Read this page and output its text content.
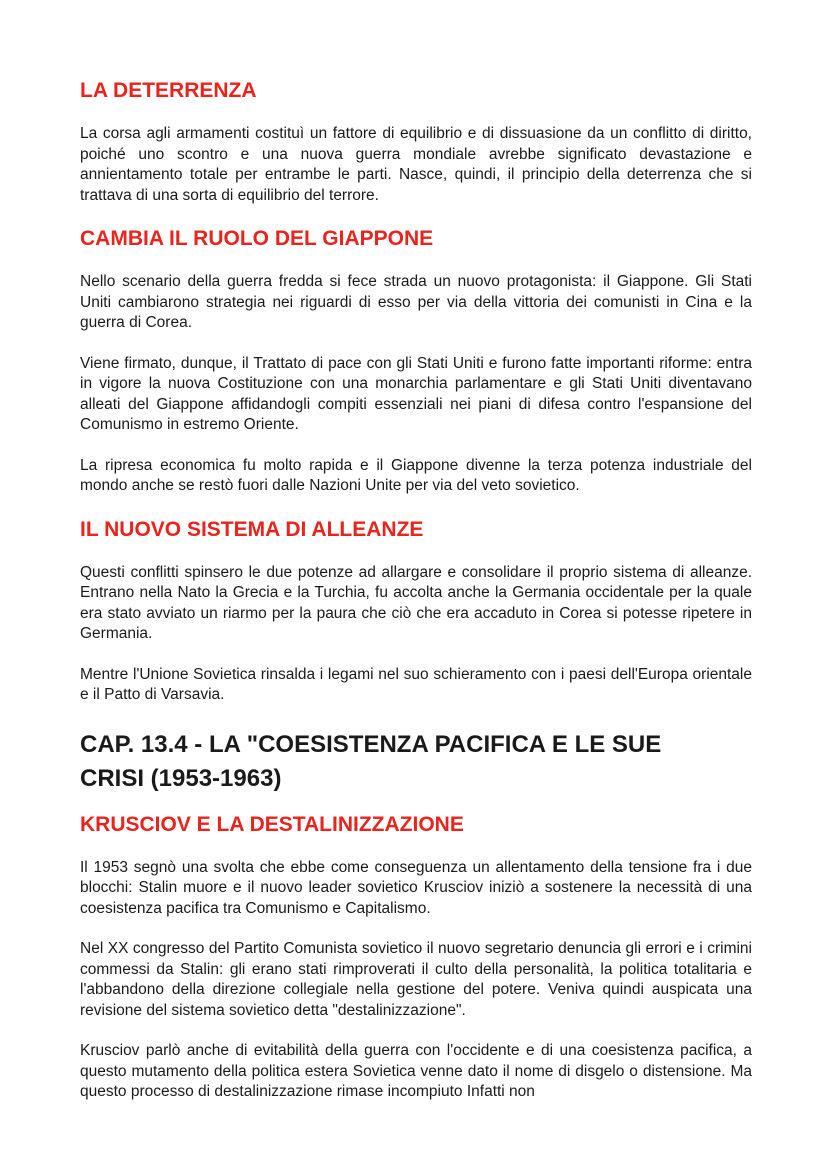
LA DETERRENZA

La corsa agli armamenti costituì un fattore di equilibrio e di dissuasione da un conflitto di diritto, poiché uno scontro e una nuova guerra mondiale avrebbe significato devastazione e annientamento totale per entrambe le parti. Nasce, quindi, il principio della deterrenza che si trattava di una sorta di equilibrio del terrore.

CAMBIA IL RUOLO DEL GIAPPONE

Nello scenario della guerra fredda si fece strada un nuovo protagonista: il Giappone. Gli Stati Uniti cambiarono strategia nei riguardi di esso per via della vittoria dei comunisti in Cina e la guerra di Corea.

Viene firmato, dunque, il Trattato di pace con gli Stati Uniti e furono fatte importanti riforme: entra in vigore la nuova Costituzione con una monarchia parlamentare e gli Stati Uniti diventavano alleati del Giappone affidandogli compiti essenziali nei piani di difesa contro l'espansione del Comunismo in estremo Oriente.

La ripresa economica fu molto rapida e il Giappone divenne la terza potenza industriale del mondo anche se restò fuori dalle Nazioni Unite per via del veto sovietico.

IL NUOVO SISTEMA DI ALLEANZE

Questi conflitti spinsero le due potenze ad allargare e consolidare il proprio sistema di alleanze. Entrano nella Nato la Grecia e la Turchia, fu accolta anche la Germania occidentale per la quale era stato avviato un riarmo per la paura che ciò che era accaduto in Corea si potesse ripetere in Germania.

Mentre l'Unione Sovietica rinsalda i legami nel suo schieramento con i paesi dell'Europa orientale e il Patto di Varsavia.

CAP. 13.4 - LA "COESISTENZA PACIFICA E LE SUE CRISI (1953-1963)
KRUSCIOV E LA DESTALINIZZAZIONE

Il 1953 segnò una svolta che ebbe come conseguenza un allentamento della tensione fra i due blocchi: Stalin muore e il nuovo leader sovietico Krusciov iniziò a sostenere la necessità di una coesistenza pacifica tra Comunismo e Capitalismo.

Nel XX congresso del Partito Comunista sovietico il nuovo segretario denuncia gli errori e i crimini commessi da Stalin: gli erano stati rimproverati il culto della personalità, la politica totalitaria e l'abbandono della direzione collegiale nella gestione del potere. Veniva quindi auspicata una revisione del sistema sovietico detta "destalinizzazione".

Krusciov parlò anche di evitabilità della guerra con l'occidente e di una coesistenza pacifica, a questo mutamento della politica estera Sovietica venne dato il nome di disgelo o distensione. Ma questo processo di destalinizzazione rimase incompiuto Infatti non
